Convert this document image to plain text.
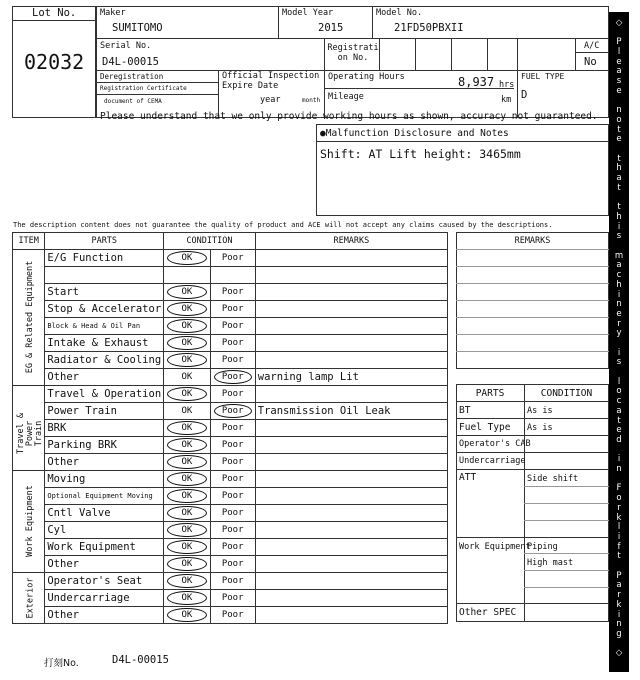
Lot No.
02032
Maker
SUMITOMO
Model Year
2015
Model No.
21FD50PBXII
Serial No.
D4L-00015
Registrati on No.
A/C
No
Deregistration
Registration Certificate
document of CEMA
Official Inspection Expire Date
year	month
Operating Hours	8,937 hrs
Mileage	km
FUEL TYPE
D
Please understand that we only provide working hours as shown, accuracy not guaranteed.
●Malfunction Disclosure and Notes
Shift: AT Lift height: 3465mm
The description content does not guarantee the quality of product and ACE will not accept any claims caused by the descriptions.
ITEM	PARTS	CONDITION		REMARKS

EG & Related Equipment	E/G Function	OK	Poor	

	Start	OK	Poor	
	Stop & Accelerator	OK	Poor	
	Block & Head & Oil Pan	OK	Poor	
	Intake & Exhaust	OK	Poor	
	Radiator & Cooling	OK	Poor	
	Other	OK	Poor	warning lamp Lit

Travel & Power Train	Travel & Operation	OK	Poor	
	Power Train	OK	Poor	Transmission Oil Leak
	BRK	OK	Poor	
	Parking BRK	OK	Poor	
	Other	OK	Poor	

Work Equipment	Moving	OK	Poor	
	Optional Equipment Moving	OK	Poor	
	Cntl Valve	OK	Poor	
	Cyl	OK	Poor	
	Work Equipment	OK	Poor	
	Other	OK	Poor	

Exterior	Operator's Seat	OK	Poor	
	Undercarriage	OK	Poor	
	Other	OK	Poor	
REMARKS
PARTS	CONDITION
BT	As is
Fuel Type As is
Operator's CAB
Undercarriage
ATT	Side shift
Work Equipment
Piping
High mast
Other SPEC
打刻No.	D4L-00015
◇
P
l
e
a
s
e
n
o
t
e
t
h
a
t
t
h
i
s
m
a
c
h
i
n
e
r
y
i
s
l
o
c
a
t
e
d
i
n
F
o
r
k
l
i
f
t
P
a
r
k
i
n
g
◇
